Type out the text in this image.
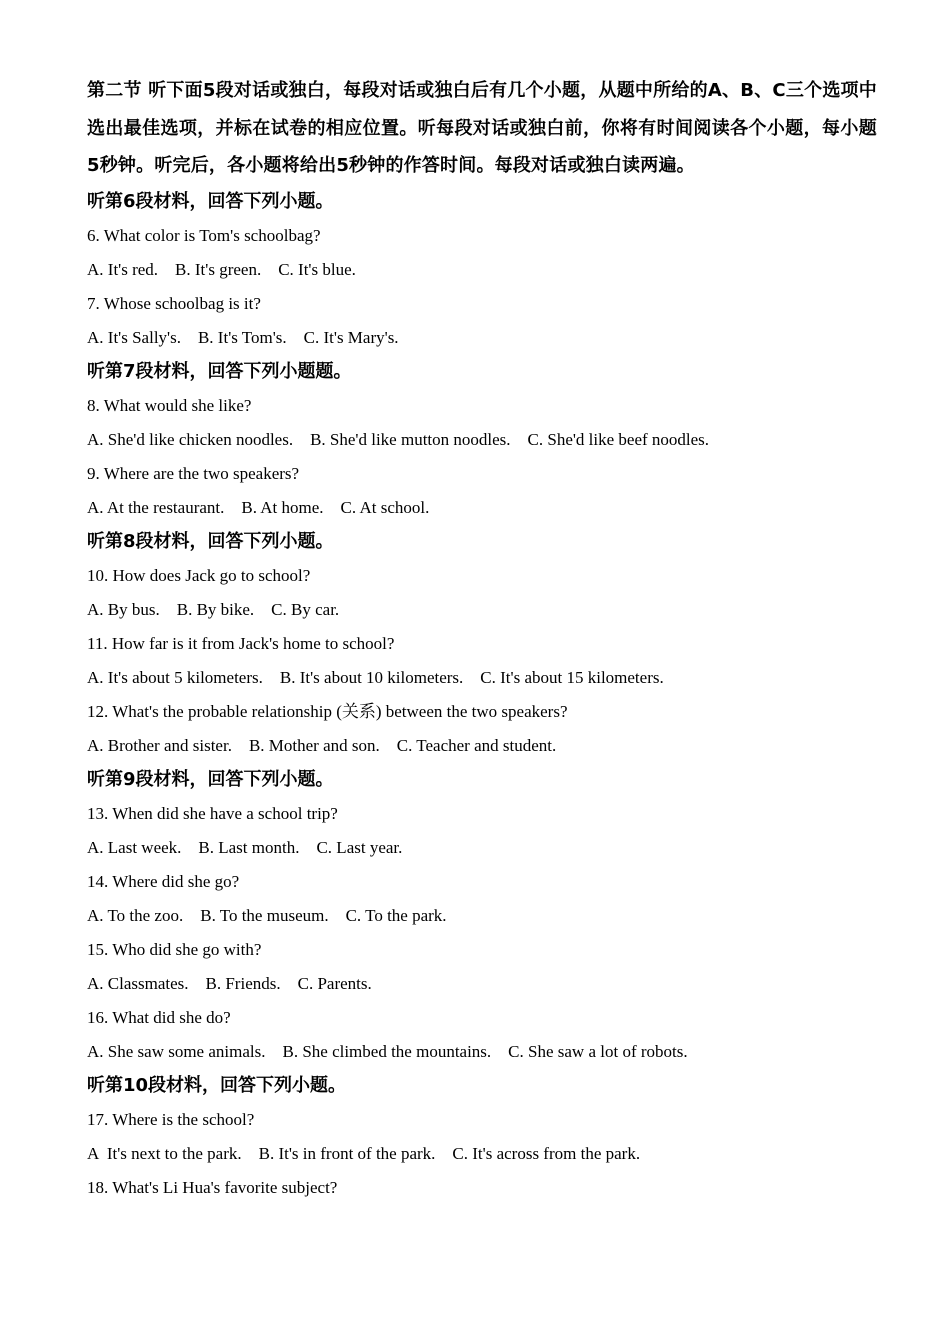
第二节 听下面5段对话或独白，每段对话或独白后有几个小题，从题中所给的A、B、C三个选项中选出最佳选项，并标在试卷的相应位置。听每段对话或独白前，你将有时间阅读各个小题，每小题5秒钟。听完后，各小题将给出5秒钟的作答时间。每段对话或独白读两遍。

听第6段材料，回答下列小题。

6. What color is Tom's schoolbag?

A. It's red.    B. It's green.    C. It's blue.

7. Whose schoolbag is it?

A. It's Sally's.    B. It's Tom's.    C. It's Mary's.

听第7段材料，回答下列小题题。

8. What would she like?

A. She'd like chicken noodles.    B. She'd like mutton noodles.    C. She'd like beef noodles.

9. Where are the two speakers?

A. At the restaurant.    B. At home.    C. At school.

听第8段材料，回答下列小题。

10. How does Jack go to school?

A. By bus.    B. By bike.    C. By car.

11. How far is it from Jack's home to school?

A. It's about 5 kilometers.    B. It's about 10 kilometers.    C. It's about 15 kilometers.

12. What's the probable relationship (关系) between the two speakers?

A. Brother and sister.    B. Mother and son.    C. Teacher and student.

听第9段材料，回答下列小题。

13. When did she have a school trip?

A. Last week.    B. Last month.    C. Last year.

14. Where did she go?

A. To the zoo.    B. To the museum.    C. To the park.

15. Who did she go with?

A. Classmates.    B. Friends.    C. Parents.

16. What did she do?

A. She saw some animals.    B. She climbed the mountains.    C. She saw a lot of robots.

听第10段材料，回答下列小题。

17. Where is the school?

A  It's next to the park.    B. It's in front of the park.    C. It's across from the park.

18. What's Li Hua's favorite subject?
